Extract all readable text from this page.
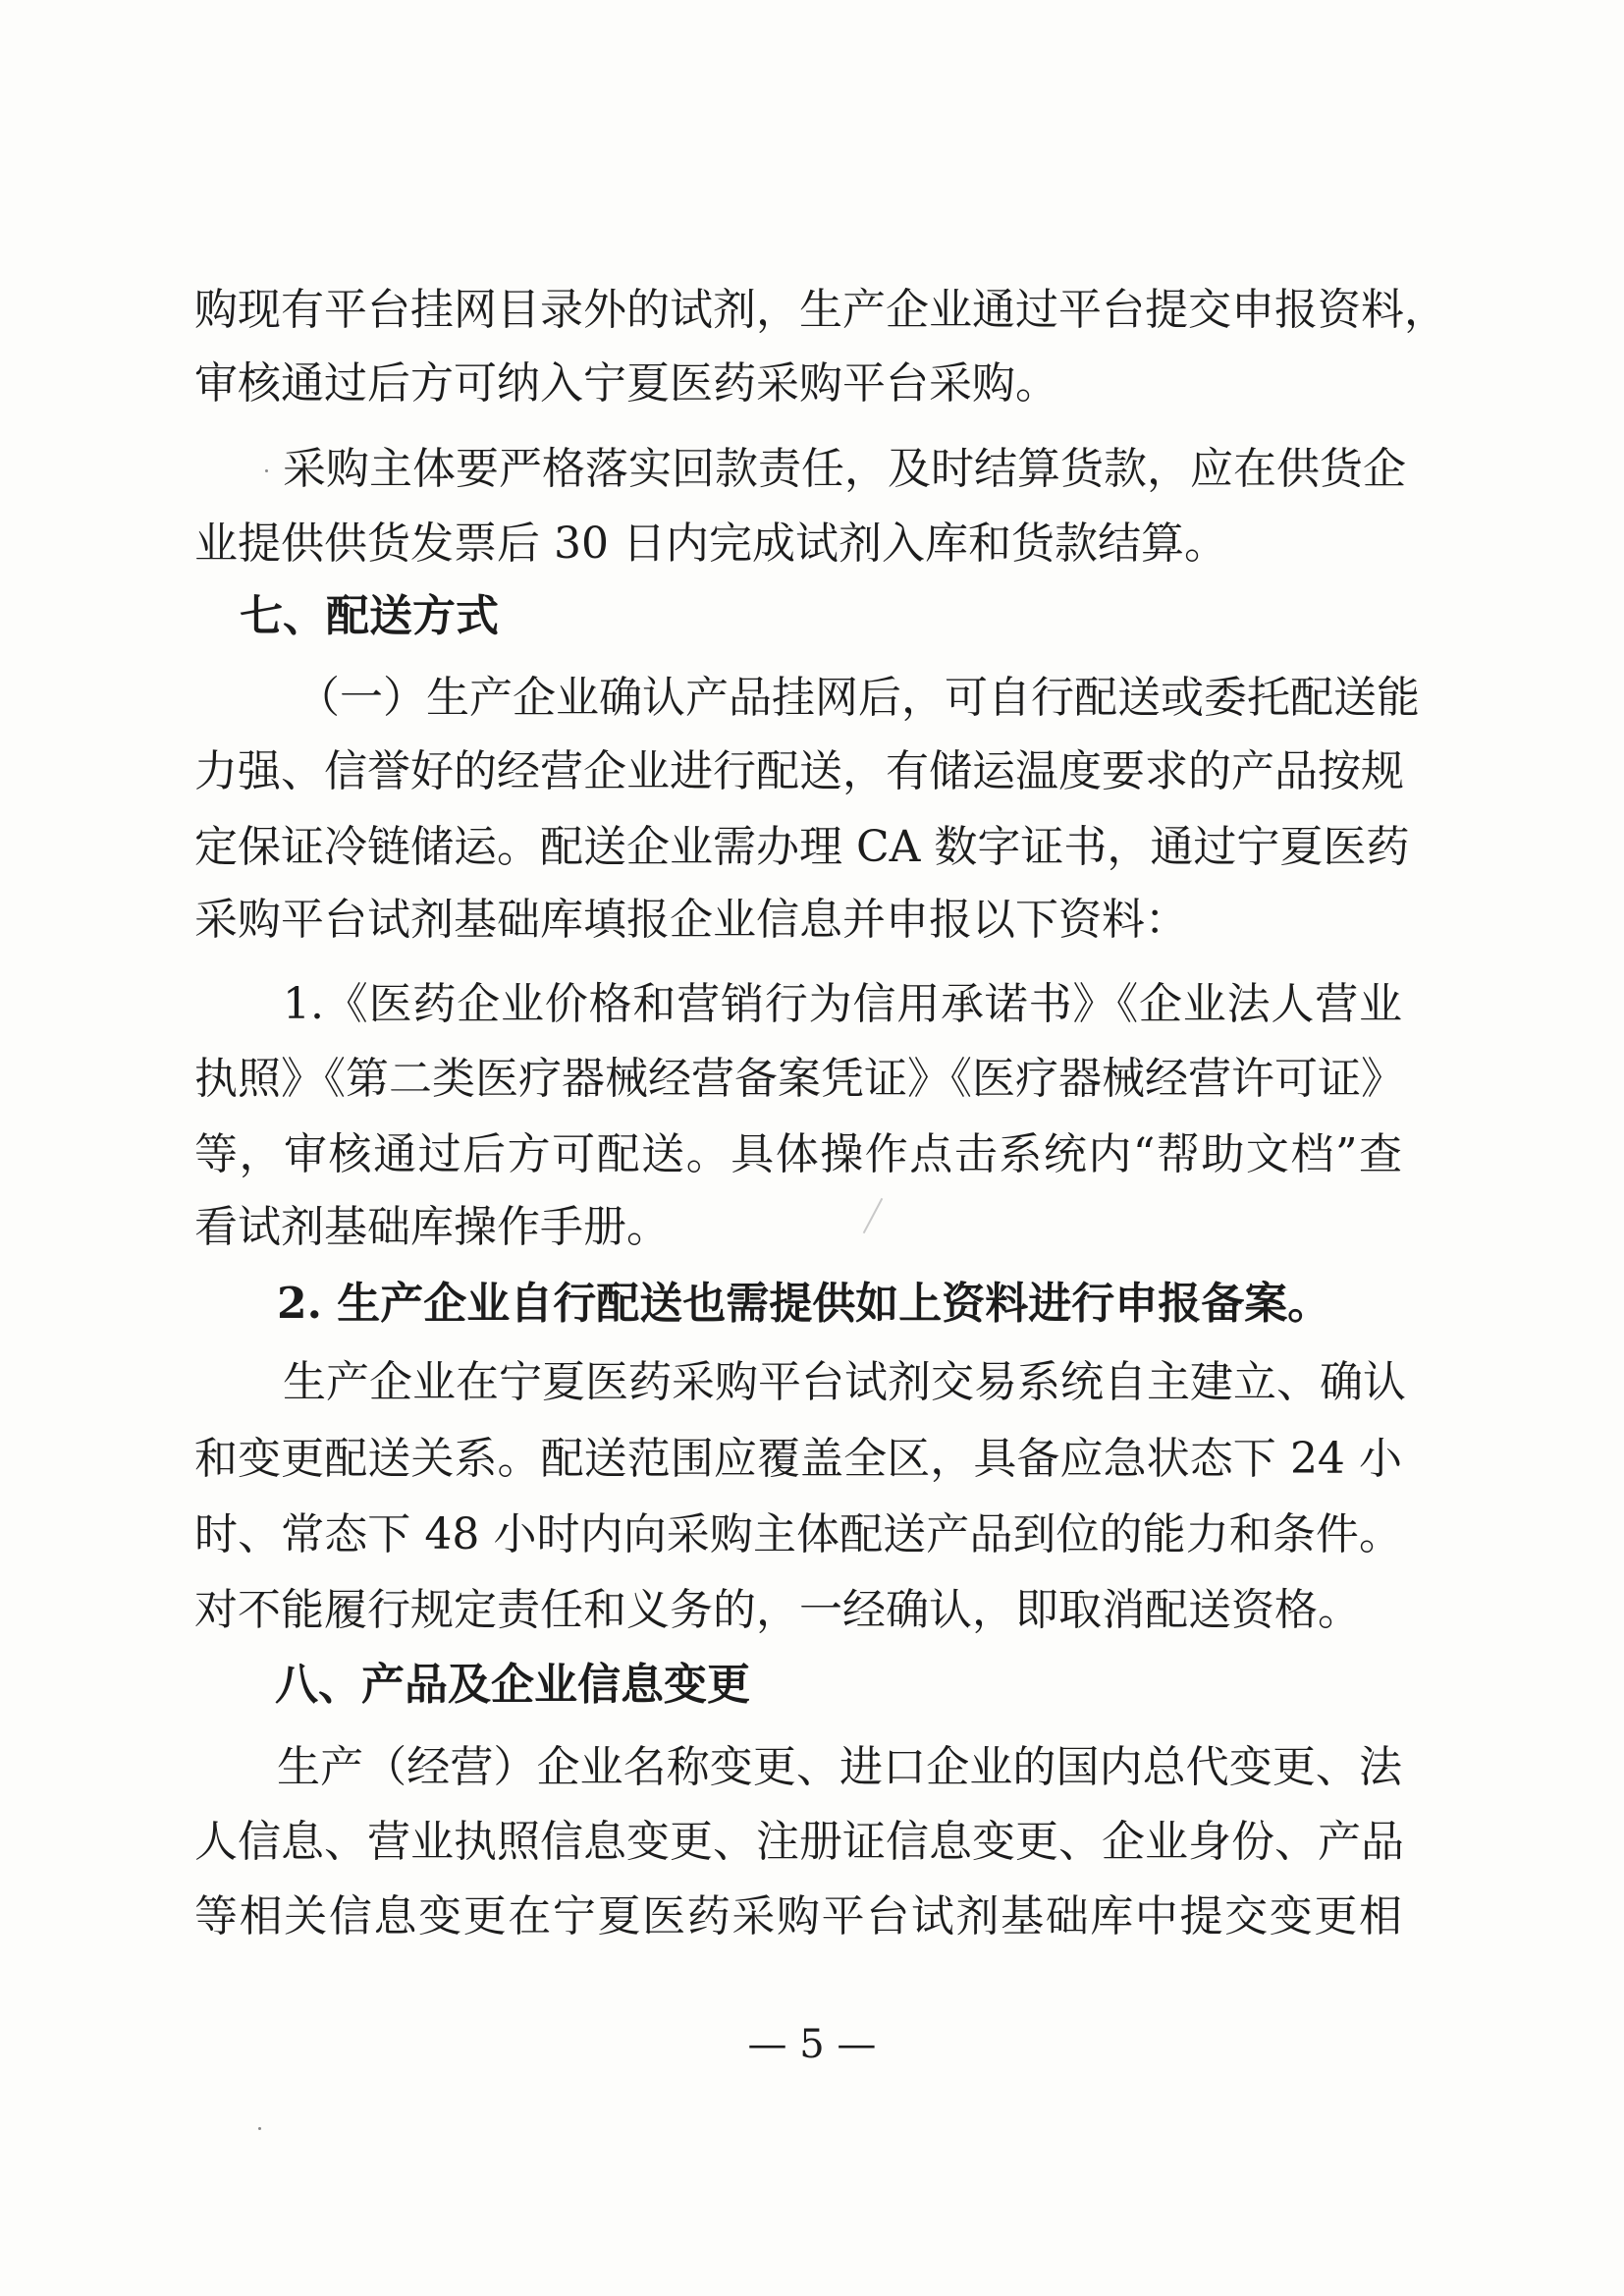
购现有平台挂网目录外的试剂，生产企业通过平台提交申报资料，
审核通过后方可纳入宁夏医药采购平台采购。
采购主体要严格落实回款责任，及时结算货款，应在供货企
业提供供货发票后 30 日内完成试剂入库和货款结算。
七、配送方式
（一）生产企业确认产品挂网后，可自行配送或委托配送能
力强、信誉好的经营企业进行配送，有储运温度要求的产品按规
定保证冷链储运。配送企业需办理 CA 数字证书，通过宁夏医药
采购平台试剂基础库填报企业信息并申报以下资料：
1.《医药企业价格和营销行为信用承诺书》《企业法人营业
执照》《第二类医疗器械经营备案凭证》《医疗器械经营许可证》
等，审核通过后方可配送。具体操作点击系统内“帮助文档”查
看试剂基础库操作手册。
2. 生产企业自行配送也需提供如上资料进行申报备案。
生产企业在宁夏医药采购平台试剂交易系统自主建立、确认
和变更配送关系。配送范围应覆盖全区，具备应急状态下 24 小
时、常态下 48 小时内向采购主体配送产品到位的能力和条件。
对不能履行规定责任和义务的，一经确认，即取消配送资格。
八、产品及企业信息变更
生产（经营）企业名称变更、进口企业的国内总代变更、法
人信息、营业执照信息变更、注册证信息变更、企业身份、产品
等相关信息变更在宁夏医药采购平台试剂基础库中提交变更相
— 5 —
